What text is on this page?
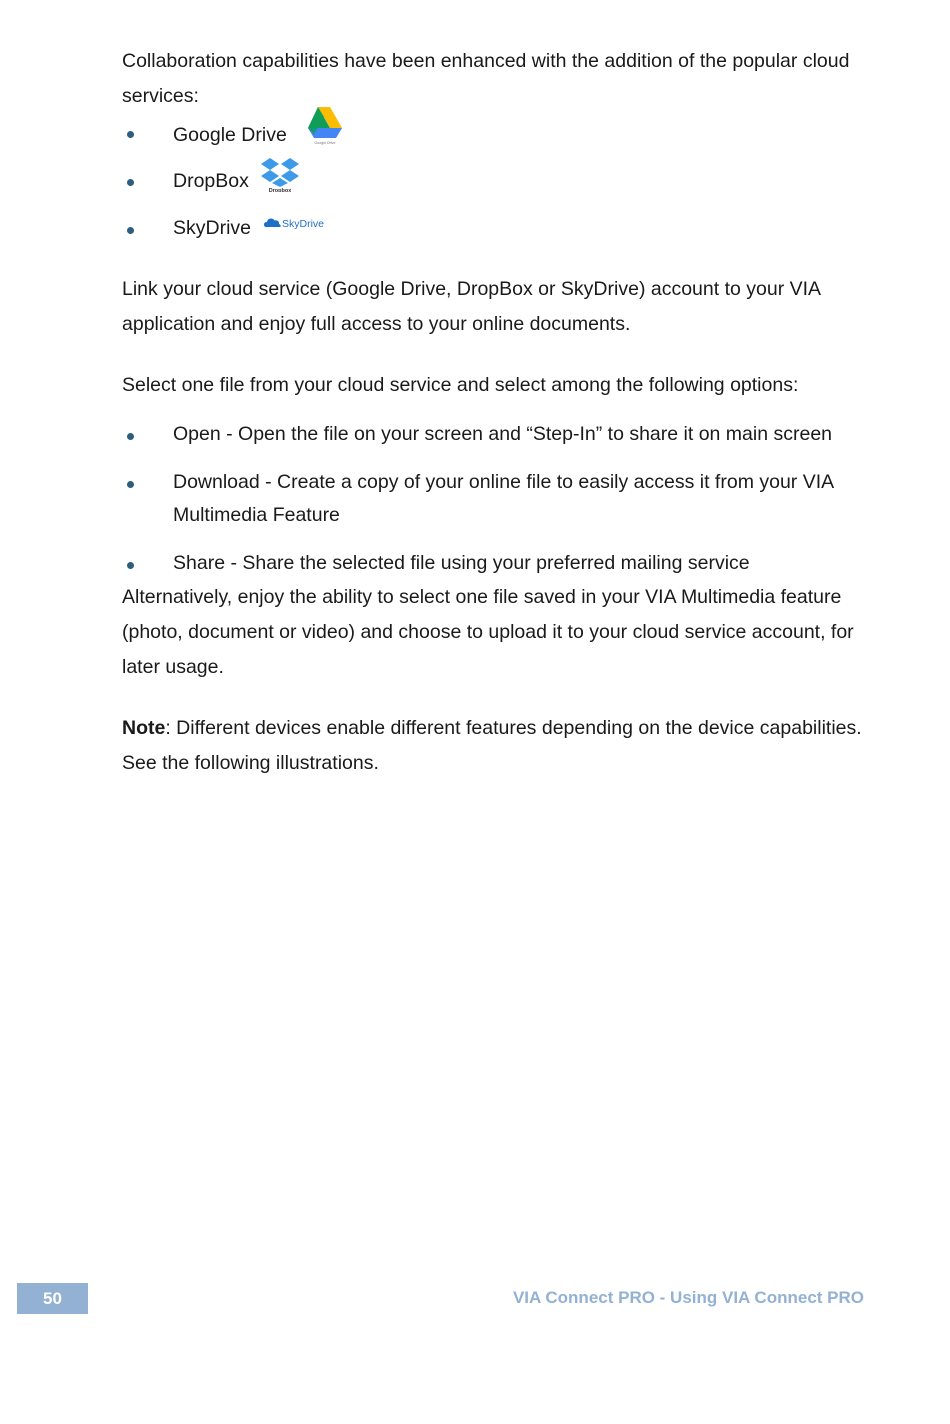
Collaboration capabilities have been enhanced with the addition of the popular cloud services:

Google Drive	Google Drive
DropBox	Dropbox
SkyDrive	SkyDrive

Link your cloud service (Google Drive, DropBox or SkyDrive) account to your VIA application and enjoy full access to your online documents.

Select one file from your cloud service and select among the following options:

Open - Open the file on your screen and “Step-In” to share it on main screen
Download - Create a copy of your online file to easily access it from your VIA Multimedia Feature
Share - Share the selected file using your preferred mailing service

Alternatively, enjoy the ability to select one file saved in your VIA Multimedia feature (photo, document or video) and choose to upload it to your cloud service account, for later usage.

Note: Different devices enable different features depending on the device capabilities. See the following illustrations.

50	VIA Connect PRO - Using VIA Connect PRO
